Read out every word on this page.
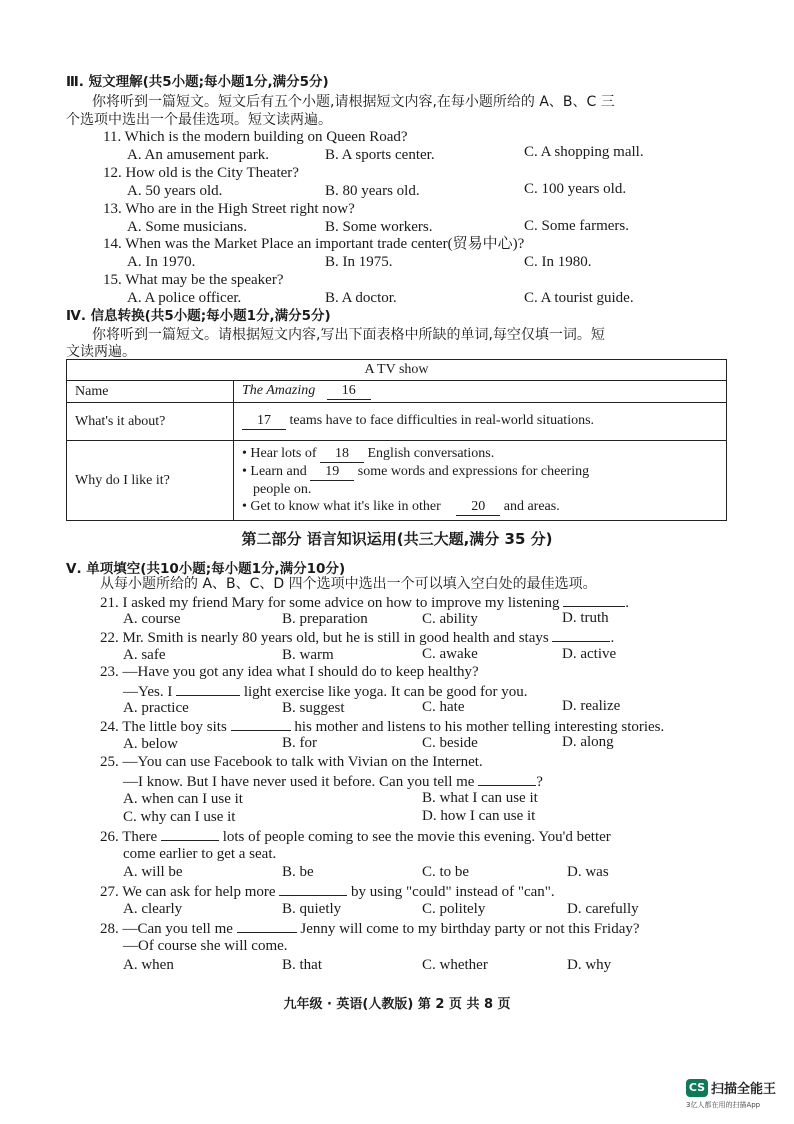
Ⅲ. 短文理解(共5小题;每小题1分,满分5分)
你将听到一篇短文。短文后有五个小题,请根据短文内容,在每小题所给的 A、B、C 三
个选项中选出一个最佳选项。短文读两遍。
11. Which is the modern building on Queen Road?
A. An amusement park.	B. A sports center.	C. A shopping mall.
12. How old is the City Theater?
A. 50 years old.	B. 80 years old.	C. 100 years old.
13. Who are in the High Street right now?
A. Some musicians.	B. Some workers.	C. Some farmers.
14. When was the Market Place an important trade center(贸易中心)?
A. In 1970.	B. In 1975.	C. In 1980.
15. What may be the speaker?
A. A police officer.	B. A doctor.	C. A tourist guide.
Ⅳ. 信息转换(共5小题;每小题1分,满分5分)
你将听到一篇短文。请根据短文内容,写出下面表格中所缺的单词,每空仅填一词。短
文读两遍。
A TV show	
Name	The Amazing 16
What's it about?	17 teams have to face difficulties in real-world situations.
Why do I like it?	• Hear lots of 18 English conversations.
• Learn and 19 some words and expressions for cheering
people on.
• Get to know what it's like in other 20 and areas.
第二部分 语言知识运用(共三大题,满分 35 分)
Ⅴ. 单项填空(共10小题;每小题1分,满分10分)
从每小题所给的 A、B、C、D 四个选项中选出一个可以填入空白处的最佳选项。
21. I asked my friend Mary for some advice on how to improve my listening	.
A. course	B. preparation	C. ability	D. truth
22. Mr. Smith is nearly 80 years old, but he is still in good health and stays	.
A. safe	B. warm	C. awake	D. active
23. —Have you got any idea what I should do to keep healthy?
—Yes. I	light exercise like yoga. It can be good for you.
A. practice	B. suggest	C. hate	D. realize
24. The little boy sits	his mother and listens to his mother telling interesting stories.
A. below	B. for	C. beside	D. along
25. —You can use Facebook to talk with Vivian on the Internet.
—I know. But I have never used it before. Can you tell me	?
A. when can I use it	B. what I can use it
C. why can I use it	D. how I can use it
26. There	lots of people coming to see the movie this evening. You'd better
come earlier to get a seat.
A. will be	B. be	C. to be	D. was
27. We can ask for help more	by using "could" instead of "can".
A. clearly	B. quietly	C. politely	D. carefully
28. —Can you tell me	Jenny will come to my birthday party or not this Friday?
—Of course she will come.
A. when	B. that	C. whether	D. why
九年级 · 英语(人教版) 第 2 页 共 8 页
CS 扫描全能王
3亿人都在用的扫描App
